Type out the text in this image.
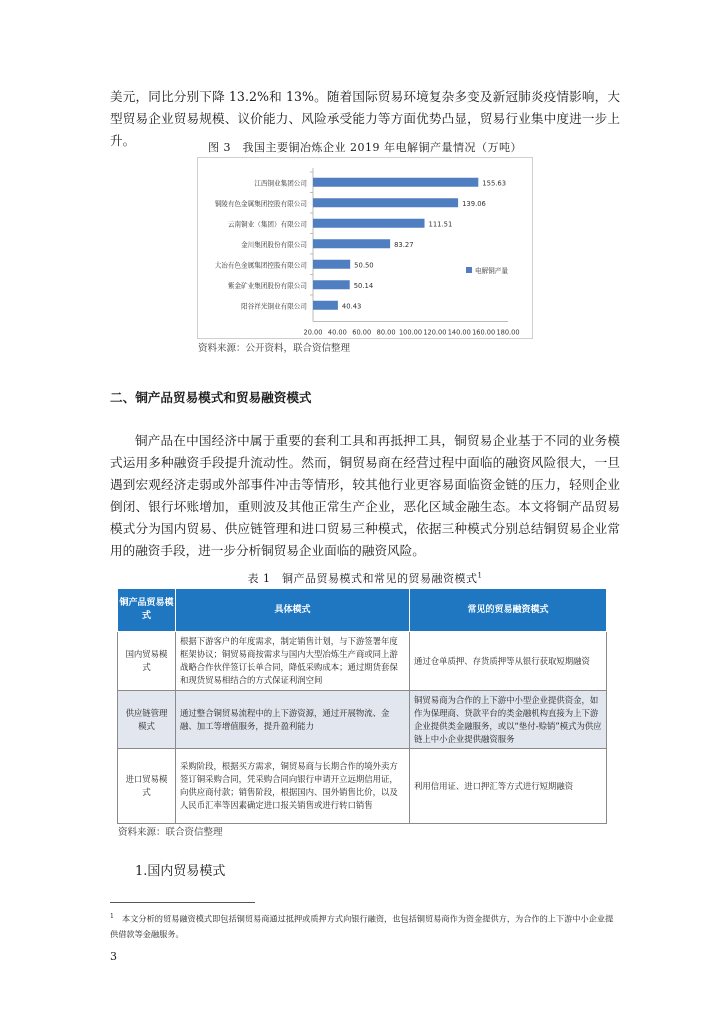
美元，同比分别下降 13.2%和 13%。随着国际贸易环境复杂多变及新冠肺炎疫情影响，大型贸易企业贸易规模、议价能力、风险承受能力等方面优势凸显，贸易行业集中度进一步上升。	图 3　我国主要铜冶炼企业 2019 年电解铜产量情况（万吨）
江西铜业集团公司	155.63
铜陵有色金属集团控股有限公司	139.06
云南铜业（集团）有限公司	111.51
金川集团股份有限公司	83.27
大冶有色金属集团控股有限公司	50.50
紫金矿业集团股份有限公司	50.14
阳谷祥光铜业有限公司	40.43
20.00 40.00 60.00 80.00 100.00 120.00 140.00 160.00 180.00
电解铜产量
资料来源：公开资料，联合资信整理
二、铜产品贸易模式和贸易融资模式

铜产品在中国经济中属于重要的套利工具和再抵押工具，铜贸易企业基于不同的业务模式运用多种融资手段提升流动性。然而，铜贸易商在经营过程中面临的融资风险很大，一旦遇到宏观经济走弱或外部事件冲击等情形，较其他行业更容易面临资金链的压力，轻则企业倒闭、银行坏账增加，重则波及其他正常生产企业，恶化区域金融生态。本文将铜产品贸易模式分为国内贸易、供应链管理和进口贸易三种模式，依据三种模式分别总结铜贸易企业常用的融资手段，进一步分析铜贸易企业面临的融资风险。

表 1　铜产品贸易模式和常见的贸易融资模式$^1$
铜产品贸易模式	具体模式	常见的贸易融资模式
国内贸易模式	根据下游客户的年度需求，制定销售计划，与下游签署年度框架协议；铜贸易商按需求与国内大型冶炼生产商或同上游战略合作伙伴签订长单合同，降低采购成本；通过期货套保和现货贸易相结合的方式保证利润空间	通过仓单质押、存货质押等从银行获取短期融资
供应链管理模式	通过整合铜贸易流程中的上下游资源，通过开展物流、金融、加工等增值服务，提升盈利能力	铜贸易商为合作的上下游中小型企业提供资金，如作为保理商、贷款平台的类金融机构直接为上下游企业提供类金融服务，或以“垫付-赊销”模式为供应链上中小企业提供融资服务
进口贸易模式	采购阶段，根据买方需求，铜贸易商与长期合作的境外卖方签订铜采购合同，凭采购合同向银行申请开立远期信用证，向供应商付款；销售阶段，根据国内、国外销售比价，以及人民币汇率等因素确定进口报关销售或进行转口销售	利用信用证、进口押汇等方式进行短期融资
资料来源：联合资信整理
1.国内贸易模式
$^1$　 本文分析的贸易融资模式即包括铜贸易商通过抵押或质押方式向银行融资，也包括铜贸易商作为资金提供方，为合作的上下游中小企业提供借款等金融服务。
3
